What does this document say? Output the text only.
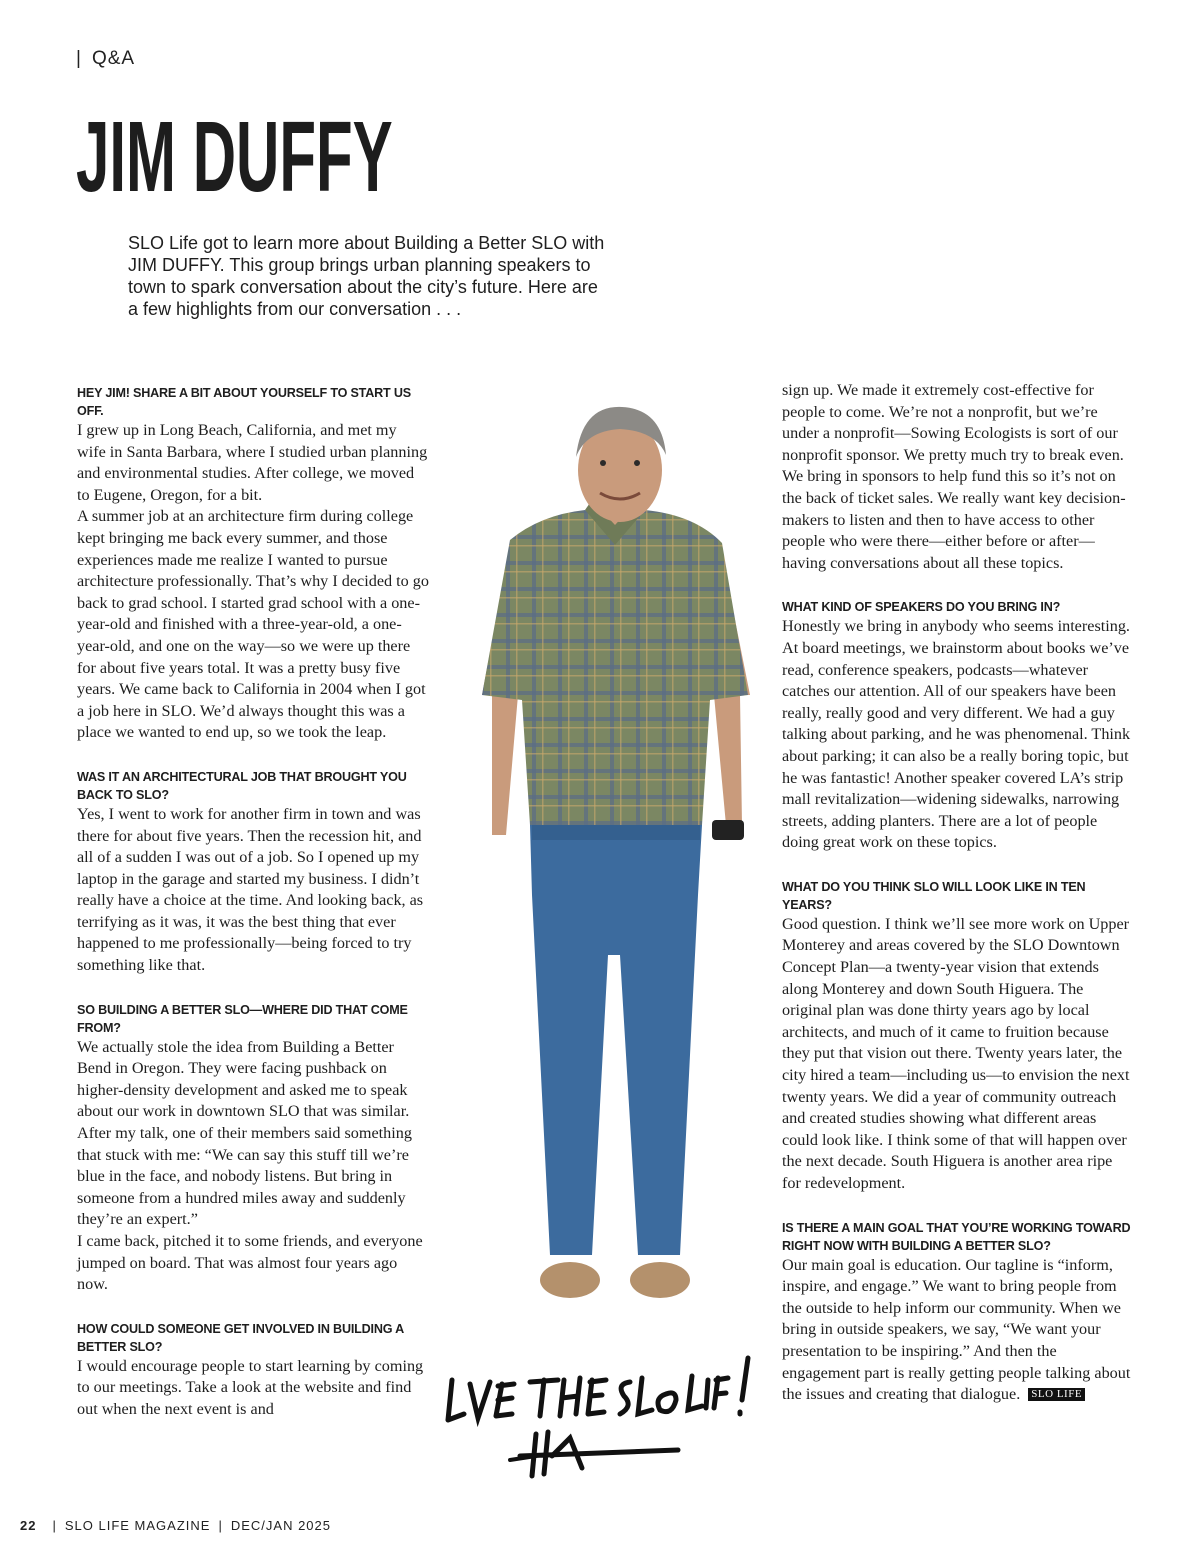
| Q&A
JIM DUFFY

SLO Life got to learn more about Building a Better SLO with JIM DUFFY. This group brings urban planning speakers to town to spark conversation about the city’s future. Here are a few highlights from our conversation . . .

HEY JIM! SHARE A BIT ABOUT YOURSELF TO START US OFF.

I grew up in Long Beach, California, and met my wife in Santa Barbara, where I studied urban planning and environmental studies. After college, we moved to Eugene, Oregon, for a bit.

A summer job at an architecture firm during college kept bringing me back every summer, and those experiences made me realize I wanted to pursue architecture professionally. That’s why I decided to go back to grad school. I started grad school with a one-year-old and finished with a three-year-old, a one-year-old, and one on the way—so we were up there for about five years total. It was a pretty busy five years. We came back to California in 2004 when I got a job here in SLO. We’d always thought this was a place we wanted to end up, so we took the leap.

WAS IT AN ARCHITECTURAL JOB THAT BROUGHT YOU BACK TO SLO?

Yes, I went to work for another firm in town and was there for about five years. Then the recession hit, and all of a sudden I was out of a job. So I opened up my laptop in the garage and started my business. I didn’t really have a choice at the time. And looking back, as terrifying as it was, it was the best thing that ever happened to me professionally—being forced to try something like that.

SO BUILDING A BETTER SLO—WHERE DID THAT COME FROM?

We actually stole the idea from Building a Better Bend in Oregon. They were facing pushback on higher-density development and asked me to speak about our work in downtown SLO that was similar. After my talk, one of their members said something that stuck with me: “We can say this stuff till we’re blue in the face, and nobody listens. But bring in someone from a hundred miles away and suddenly they’re an expert.”

I came back, pitched it to some friends, and everyone jumped on board. That was almost four years ago now.

HOW COULD SOMEONE GET INVOLVED IN BUILDING A BETTER SLO?

I would encourage people to start learning by coming to our meetings. Take a look at the website and find out when the next event is and

sign up. We made it extremely cost-effective for people to come. We’re not a nonprofit, but we’re under a nonprofit—Sowing Ecologists is sort of our nonprofit sponsor. We pretty much try to break even. We bring in sponsors to help fund this so it’s not on the back of ticket sales. We really want key decision-makers to listen and then to have access to other people who were there—either before or after—having conversations about all these topics.

WHAT KIND OF SPEAKERS DO YOU BRING IN?

Honestly we bring in anybody who seems interesting. At board meetings, we brainstorm about books we’ve read, conference speakers, podcasts—whatever catches our attention. All of our speakers have been really, really good and very different. We had a guy talking about parking, and he was phenomenal. Think about parking; it can also be a really boring topic, but he was fantastic! Another speaker covered LA’s strip mall revitalization—widening sidewalks, narrowing streets, adding planters. There are a lot of people doing great work on these topics.

WHAT DO YOU THINK SLO WILL LOOK LIKE IN TEN YEARS?

Good question. I think we’ll see more work on Upper Monterey and areas covered by the SLO Downtown Concept Plan—a twenty-year vision that extends along Monterey and down South Higuera. The original plan was done thirty years ago by local architects, and much of it came to fruition because they put that vision out there. Twenty years later, the city hired a team—including us—to envision the next twenty years. We did a year of community outreach and created studies showing what different areas could look like. I think some of that will happen over the next decade. South Higuera is another area ripe for redevelopment.

IS THERE A MAIN GOAL THAT YOU’RE WORKING TOWARD RIGHT NOW WITH BUILDING A BETTER SLO?

Our main goal is education. Our tagline is “inform, inspire, and engage.” We want to bring people from the outside to help inform our community. When we bring in outside speakers, we say, “We want your presentation to be inspiring.” And then the engagement part is really getting people talking about the issues and creating that dialogue. SLO LIFE

22 | SLO LIFE MAGAZINE | DEC/JAN 2025
